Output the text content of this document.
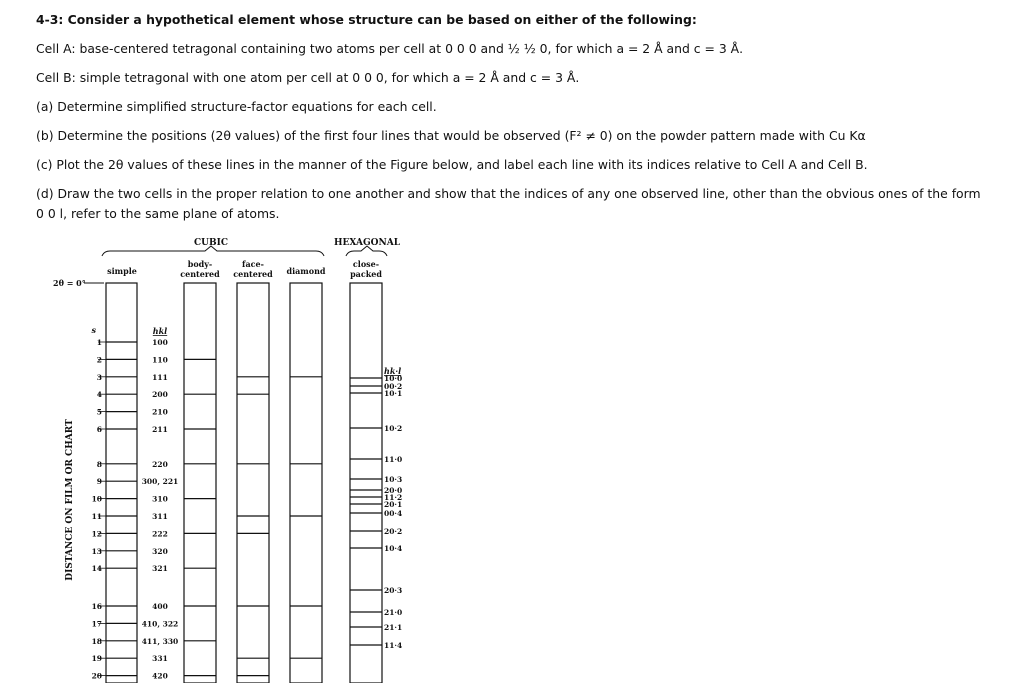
4-3: Consider a hypothetical element whose structure can be based on either of the following:
Cell A: base-centered tetragonal containing two atoms per cell at 0 0 0 and ½ ½ 0, for which a = 2 Å and c = 3 Å.
Cell B: simple tetragonal with one atom per cell at 0 0 0, for which a = 2 Å and c = 3 Å.
(a) Determine simplified structure-factor equations for each cell.
(b) Determine the positions (2θ values) of the first four lines that would be observed (F² ≠ 0) on the powder pattern made with Cu Kα
(c) Plot the 2θ values of these lines in the manner of the Figure below, and label each line with its indices relative to Cell A and Cell B.
(d) Draw the two cells in the proper relation to one another and show that the indices of any one observed line, other than the obvious ones of the form
0 0 l, refer to the same plane of atoms.
CUBIC	HEXAGONAL
simple
body-
centered
face-
centered diamond
close-
packed
2θ = 0°
DISTANCE ON FILM OR CHART
s	hkl
hk·l
1	100
2	110
3	111
4	200
5	210
6	211
8	220
9	300, 221
10	310
11	311
12	222
13	320
14	321
16	400
17	410, 322
18	411, 330
19	331
20	420
10·0
00·2
10·1
10·2
11·0
10·3
20·0
11·2
20·1
00·4
20·2
10·4
20·3
21·0
21·1
11·4
